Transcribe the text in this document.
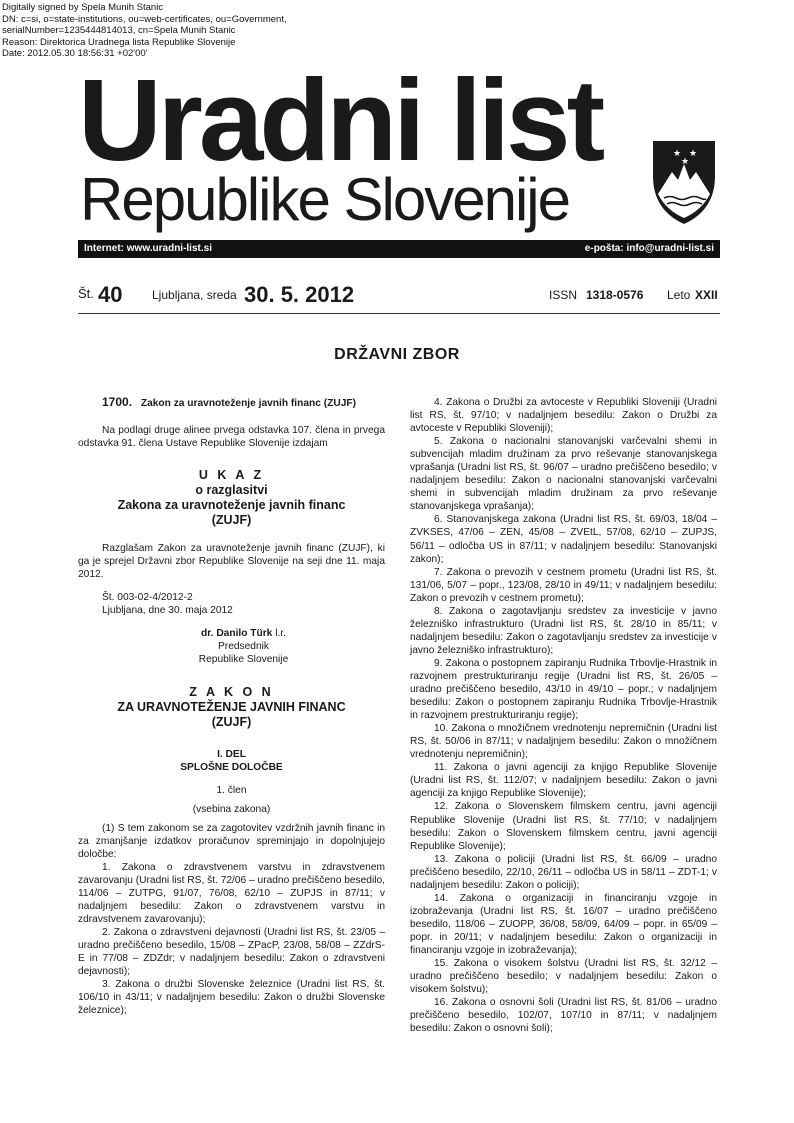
Digitally signed by Spela Munih Stanic
DN: c=si, o=state-institutions, ou=web-certificates, ou=Government,
serialNumber=1235444814013, cn=Spela Munih Stanic
Reason: Direktorica Uradnega lista Republike Slovenije
Date: 2012.05.30 18:56:31 +02'00'
Uradni list
Republike Slovenije
★ ★
★
Internet: www.uradni-list.si	e-pošta: info@uradni-list.si
Št. 40 Ljubljana, sreda 30. 5. 2012	ISSN 1318-0576 Leto XXII
DRŽAVNI ZBOR

1700. Zakon za uravnoteženje javnih financ (ZUJF)

Na podlagi druge alinee prvega odstavka 107. člena in prvega odstavka 91. člena Ustave Republike Slovenije izdajam

U K A Z

o razglasitvi

Zakona za uravnoteženje javnih financ

(ZUJF)

Razglašam Zakon za uravnoteženje javnih financ (ZUJF), ki ga je sprejel Državni zbor Republike Slovenije na seji dne 11. maja 2012.

Št. 003-02-4/2012-2

Ljubljana, dne 30. maja 2012

dr. Danilo Türk l.r.

Predsednik

Republike Slovenije

Z A K O N

ZA URAVNOTEŽENJE JAVNIH FINANC

(ZUJF)

I. DEL

SPLOŠNE DOLOČBE

1. člen

(vsebina zakona)

(1) S tem zakonom se za zagotovitev vzdržnih javnih financ in za zmanjšanje izdatkov proračunov spreminjajo in dopolnjujejo določbe:

1. Zakona o zdravstvenem varstvu in zdravstvenem zavarovanju (Uradni list RS, št. 72/06 – uradno prečiščeno besedilo, 114/06 – ZUTPG, 91/07, 76/08, 62/10 – ZUPJS in 87/11; v nadaljnjem besedilu: Zakon o zdravstvenem varstvu in zdravstvenem zavarovanju);

2. Zakona o zdravstveni dejavnosti (Uradni list RS, št. 23/05 – uradno prečiščeno besedilo, 15/08 – ZPacP, 23/08, 58/08 – ZZdrS-E in 77/08 – ZDZdr; v nadaljnjem besedilu: Zakon o zdravstveni dejavnosti);

3. Zakona o družbi Slovenske železnice (Uradni list RS, št. 106/10 in 43/11; v nadaljnjem besedilu: Zakon o družbi Slovenske železnice);

4. Zakona o Družbi za avtoceste v Republiki Sloveniji (Uradni list RS, št. 97/10; v nadaljnjem besedilu: Zakon o Družbi za avtoceste v Republiki Sloveniji);

5. Zakona o nacionalni stanovanjski varčevalni shemi in subvencijah mladim družinam za prvo reševanje stanovanjskega vprašanja (Uradni list RS, št. 96/07 – uradno prečiščeno besedilo; v nadaljnjem besedilu: Zakon o nacionalni stanovanjski varčevalni shemi in subvencijah mladim družinam za prvo reševanje stanovanjskega vprašanja);

6. Stanovanjskega zakona (Uradni list RS, št. 69/03, 18/04 – ZVKSES, 47/06 – ZEN, 45/08 – ZVEtL, 57/08, 62/10 – ZUPJS, 56/11 – odločba US in 87/11; v nadaljnjem besedilu: Stanovanjski zakon);

7. Zakona o prevozih v cestnem prometu (Uradni list RS, št. 131/06, 5/07 – popr., 123/08, 28/10 in 49/11; v nadaljnjem besedilu: Zakon o prevozih v cestnem prometu);

8. Zakona o zagotavljanju sredstev za investicije v javno železniško infrastrukturo (Uradni list RS, št. 28/10 in 85/11; v nadaljnjem besedilu: Zakon o zagotavljanju sredstev za investicije v javno železniško infrastrukturo);

9. Zakona o postopnem zapiranju Rudnika Trbovlje-Hrastnik in razvojnem prestrukturiranju regije (Uradni list RS, št. 26/05 – uradno prečiščeno besedilo, 43/10 in 49/10 – popr.; v nadaljnjem besedilu: Zakon o postopnem zapiranju Rudnika Trbovlje-Hrastnik in razvojnem prestrukturiranju regije);

10. Zakona o množičnem vrednotenju nepremičnin (Uradni list RS, št. 50/06 in 87/11; v nadaljnjem besedilu: Zakon o množičnem vrednotenju nepremičnin);

11. Zakona o javni agenciji za knjigo Republike Slovenije (Uradni list RS, št. 112/07; v nadaljnjem besedilu: Zakon o javni agenciji za knjigo Republike Slovenije);

12. Zakona o Slovenskem filmskem centru, javni agenciji Republike Slovenije (Uradni list RS, št. 77/10; v nadaljnjem besedilu: Zakon o Slovenskem filmskem centru, javni agenciji Republike Slovenije);

13. Zakona o policiji (Uradni list RS, št. 66/09 – uradno prečiščeno besedilo, 22/10, 26/11 – odločba US in 58/11 – ZDT-1; v nadaljnjem besedilu: Zakon o policiji);

14. Zakona o organizaciji in financiranju vzgoje in izobraževanja (Uradni list RS, št. 16/07 – uradno prečiščeno besedilo, 118/06 – ZUOPP, 36/08, 58/09, 64/09 – popr. in 65/09 – popr. in 20/11; v nadaljnjem besedilu: Zakon o organizaciji in financiranju vzgoje in izobraževanja);

15. Zakona o visokem šolstvu (Uradni list RS, št. 32/12 – uradno prečiščeno besedilo; v nadaljnjem besedilu: Zakon o visokem šolstvu);

16. Zakona o osnovni šoli (Uradni list RS, št. 81/06 – uradno prečiščeno besedilo, 102/07, 107/10 in 87/11; v nadaljnjem besedilu: Zakon o osnovni šoli);
